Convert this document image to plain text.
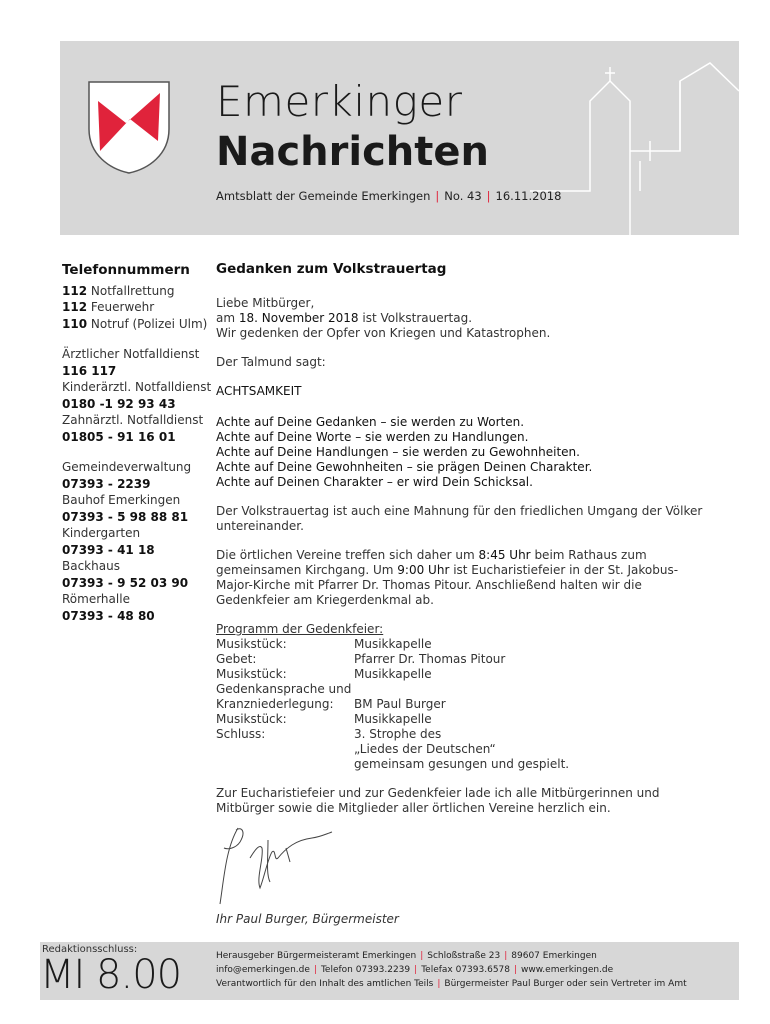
Emerkinger
Nachrichten
Amtsblatt der Gemeinde Emerkingen | No. 43 | 16.11.2018
Telefonnummern
112 Notfallrettung
112 Feuerwehr
110 Notruf (Polizei Ulm)
Ärztlicher Notfalldienst
116 117
Kinderärztl. Notfalldienst
0180 -1 92 93 43
Zahnärztl. Notfalldienst
01805 - 91 16 01
Gemeindeverwaltung
07393 - 2239
Bauhof Emerkingen
07393 - 5 98 88 81
Kindergarten
07393 - 41 18
Backhaus
07393 - 9 52 03 90
Römerhalle
07393 - 48 80
Gedanken zum Volkstrauertag

Liebe Mitbürger,
am 18. November 2018 ist Volkstrauertag.
Wir gedenken der Opfer von Kriegen und Katastrophen.

Der Talmund sagt:

ACHTSAMKEIT

Achte auf Deine Gedanken – sie werden zu Worten.
Achte auf Deine Worte – sie werden zu Handlungen.
Achte auf Deine Handlungen – sie werden zu Gewohnheiten.
Achte auf Deine Gewohnheiten – sie prägen Deinen Charakter.
Achte auf Deinen Charakter – er wird Dein Schicksal.

Der Volkstrauertag ist auch eine Mahnung für den friedlichen Umgang der Völker untereinander.

Die örtlichen Vereine treffen sich daher um 8:45 Uhr beim Rathaus zum gemeinsamen Kirchgang. Um 9:00 Uhr ist Eucharistiefeier in der St. Jakobus-Major-Kirche mit Pfarrer Dr. Thomas Pitour. Anschließend halten wir die Gedenkfeier am Kriegerdenkmal ab.

Programm der Gedenkfeier:
Musikstück:	Musikkapelle
Gebet:	Pfarrer Dr. Thomas Pitour
Musikstück:	Musikkapelle
Gedenkansprache und
Kranzniederlegung:	BM Paul Burger
Musikstück:	Musikkapelle
Schluss:	3. Strophe des
„Liedes der Deutschen“
gemeinsam gesungen und gespielt.

Zur Eucharistiefeier und zur Gedenkfeier lade ich alle Mitbürgerinnen und Mitbürger sowie die Mitglieder aller örtlichen Vereine herzlich ein.

Ihr Paul Burger, Bürgermeister
Redaktionsschluss:
MI 8.00	Herausgeber Bürgermeisteramt Emerkingen | Schloßstraße 23 | 89607 Emerkingen
info@emerkingen.de | Telefon 07393.2239 | Telefax 07393.6578 | www.emerkingen.de
Verantwortlich für den Inhalt des amtlichen Teils | Bürgermeister Paul Burger oder sein Vertreter im Amt
